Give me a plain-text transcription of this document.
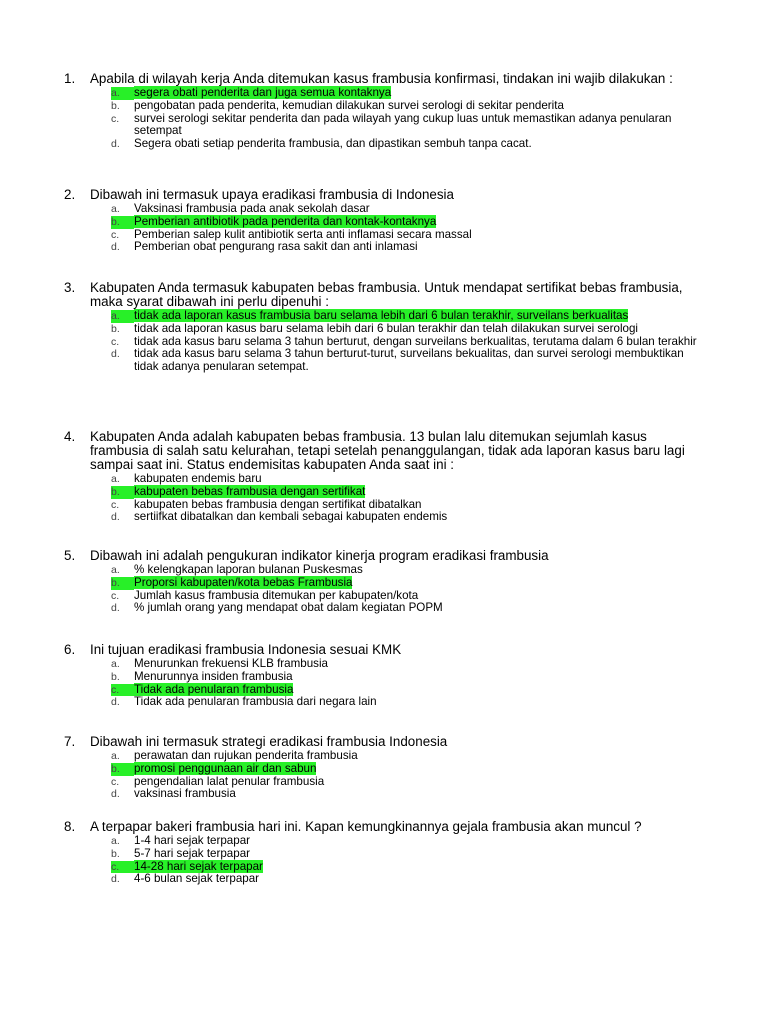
1.	Apabila di wilayah kerja Anda ditemukan kasus frambusia konfirmasi, tindakan ini wajib dilakukan :
a.	segera obati penderita dan juga semua kontaknya
b.	pengobatan pada penderita, kemudian dilakukan survei serologi di sekitar penderita
c.	survei serologi sekitar penderita dan pada wilayah yang cukup luas untuk memastikan adanya penularan setempat
d.	Segera obati setiap penderita frambusia, dan dipastikan sembuh tanpa cacat.
2.	Dibawah ini termasuk upaya eradikasi frambusia di Indonesia
a.	Vaksinasi frambusia pada anak sekolah dasar
b.	Pemberian antibiotik pada penderita dan kontak-kontaknya
c.	Pemberian salep kulit antibiotik serta anti inflamasi secara massal
d.	Pemberian obat pengurang rasa sakit dan anti inlamasi
3.	Kabupaten Anda termasuk kabupaten bebas frambusia. Untuk mendapat sertifikat bebas frambusia, maka syarat dibawah ini perlu dipenuhi :
a.	tidak ada laporan kasus frambusia baru selama lebih dari 6 bulan terakhir, surveilans berkualitas
b.	tidak ada laporan kasus baru selama lebih dari 6 bulan terakhir dan telah dilakukan survei serologi
c.	tidak ada kasus baru selama 3 tahun berturut, dengan surveilans berkualitas, terutama dalam 6 bulan terakhir
d.	tidak ada kasus baru selama 3 tahun berturut-turut, surveilans bekualitas, dan survei serologi membuktikan tidak adanya penularan setempat.
4.	Kabupaten Anda adalah kabupaten bebas frambusia. 13 bulan lalu ditemukan sejumlah kasus frambusia di salah satu kelurahan, tetapi setelah penanggulangan, tidak ada laporan kasus baru lagi sampai saat ini. Status endemisitas kabupaten Anda saat ini :
a.	kabupaten endemis baru
b.	kabupaten bebas frambusia dengan sertifikat
c.	kabupaten bebas frambusia dengan sertifikat dibatalkan
d.	sertiifkat dibatalkan dan kembali sebagai kabupaten endemis
5.	Dibawah ini adalah pengukuran indikator kinerja program eradikasi frambusia
a.	% kelengkapan laporan bulanan Puskesmas
b.	Proporsi kabupaten/kota bebas Frambusia
c.	Jumlah kasus frambusia ditemukan per kabupaten/kota
d.	% jumlah orang yang mendapat obat dalam kegiatan POPM
6.	Ini tujuan eradikasi frambusia Indonesia sesuai KMK
a.	Menurunkan frekuensi KLB frambusia
b.	Menurunnya insiden frambusia
c.	Tidak ada penularan frambusia
d.	Tidak ada penularan frambusia dari negara lain
7.	Dibawah ini termasuk strategi eradikasi frambusia Indonesia
a.	perawatan dan rujukan penderita frambusia
b.	promosi penggunaan air dan sabun
c.	pengendalian lalat penular frambusia
d.	vaksinasi frambusia
8.	A terpapar bakeri frambusia hari ini. Kapan kemungkinannya gejala frambusia akan muncul ?
a.	1-4 hari sejak terpapar
b.	5-7 hari sejak terpapar
c.	14-28 hari sejak terpapar
d.	4-6 bulan sejak terpapar
